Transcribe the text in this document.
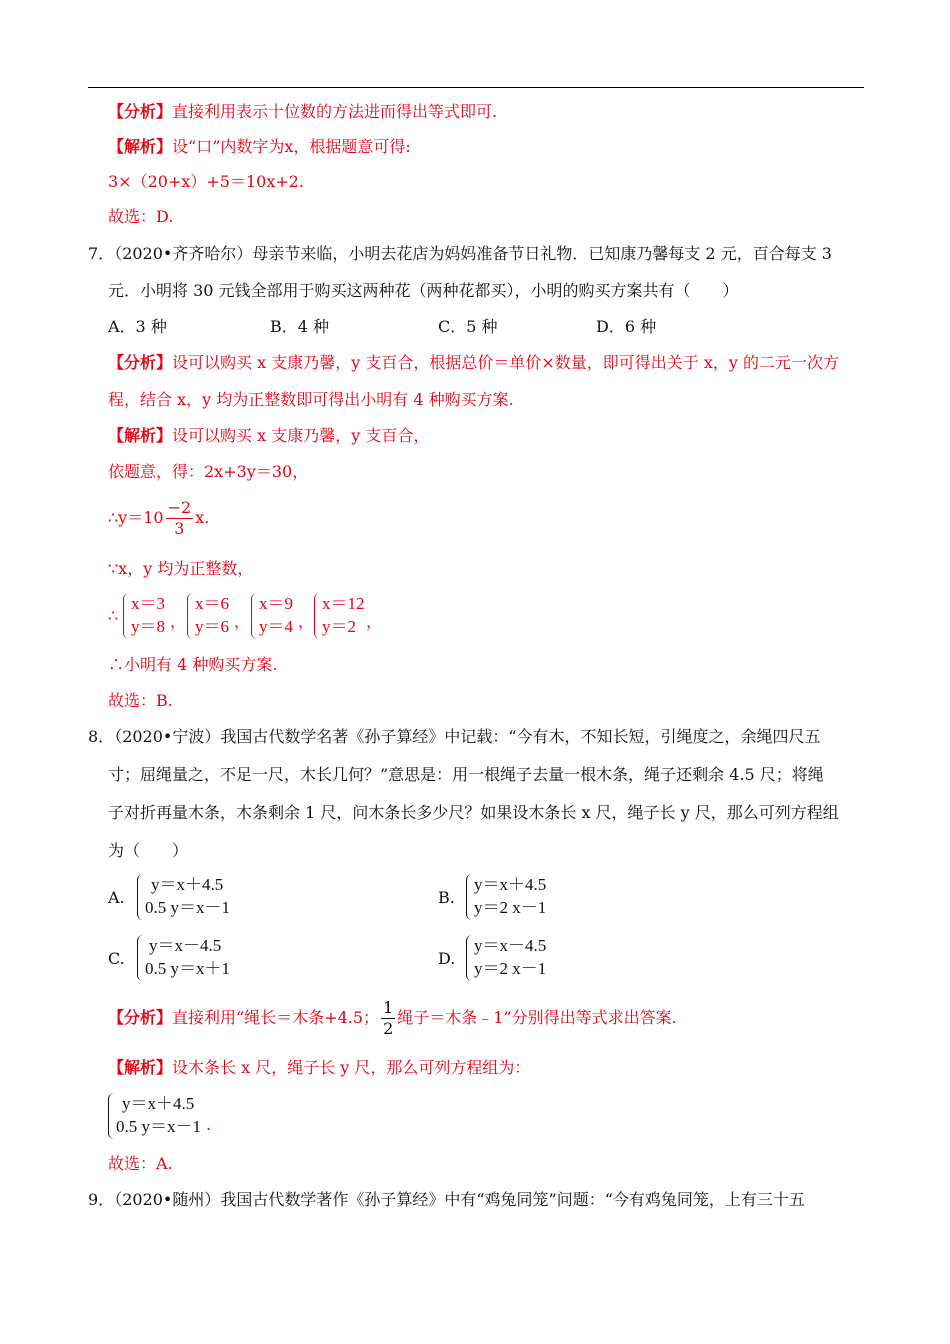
【分析】直接利用表示十位数的方法进而得出等式即可.
【解析】设“口”内数字为x，根据题意可得:
3×（20+x）+5＝10x+2.
故选：D.
7．（2020•齐齐哈尔）母亲节来临，小明去花店为妈妈准备节日礼物．已知康乃馨每支 2 元，百合每支 3
元．小明将 30 元钱全部用于购买这两种花（两种花都买），小明的购买方案共有（　　）
A．3 种	B．4 种	C．5 种	D．6 种
【分析】设可以购买 x 支康乃馨，y 支百合，根据总价＝单价×数量，即可得出关于 x，y 的二元一次方
程，结合 x，y 均为正整数即可得出小明有 4 种购买方案.
【解析】设可以购买 x 支康乃馨，y 支百合，
依题意，得：2x+3y＝30，
∴y＝10 $\frac{-2}{3} x$.
∵x，y 均为正整数，
∴
x＝3
y＝8 ，
x＝6
y＝6 ，
x＝9
y＝4 ，
x＝12
y＝2 ，
∴小明有 4 种购买方案.
故选：B.
8．（2020•宁波）我国古代数学名著《孙子算经》中记载：“今有木，不知长短，引绳度之，余绳四尺五
寸；屈绳量之，不足一尺，木长几何？”意思是：用一根绳子去量一根木条，绳子还剩余 4.5 尺；将绳
子对折再量木条，木条剩余 1 尺，问木条长多少尺？如果设木条长 x 尺，绳子长 y 尺，那么可列方程组
为（　　）
A.
y＝x＋4.5
0.5 y＝x－1
B.
y＝x＋4.5
y＝2 x－1
C.
y＝x－4.5
0.5 y＝x＋1
D.
y＝x－4.5
y＝2 x－1
【分析】直接利用“绳长＝木条+4.5； $\frac{1}{2}$ 绳子＝木条﹣1”分别得出等式求出答案.
【解析】设木条长 x 尺，绳子长 y 尺，那么可列方程组为：
y＝x＋4.5
0.5 y＝x－1 .
故选：A.
9．（2020•随州）我国古代数学著作《孙子算经》中有“鸡兔同笼”问题：“今有鸡兔同笼，上有三十五
